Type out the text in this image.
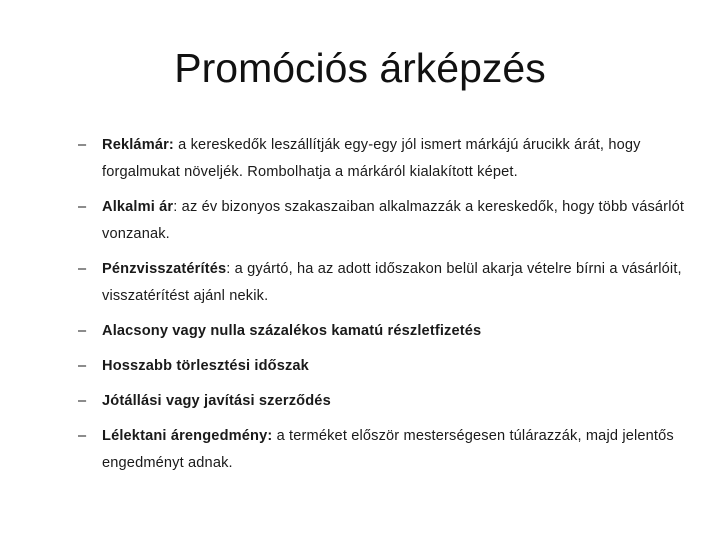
Promóciós árképzés
–	Reklámár: a kereskedők leszállítják egy-egy jól ismert márkájú árucikk árát, hogy forgalmukat növeljék. Rombolhatja a márkáról kialakított képet.
–	Alkalmi ár: az év bizonyos szakaszaiban alkalmazzák a kereskedők, hogy több vásárlót vonzanak.
–	Pénzvisszatérítés: a gyártó, ha az adott időszakon belül akarja vételre bírni a vásárlóit, visszatérítést ajánl nekik.
–	Alacsony vagy nulla százalékos kamatú részletfizetés
–	Hosszabb törlesztési időszak
–	Jótállási vagy javítási szerződés
–	Lélektani árengedmény: a terméket először mesterségesen túlárazzák, majd jelentős engedményt adnak.
